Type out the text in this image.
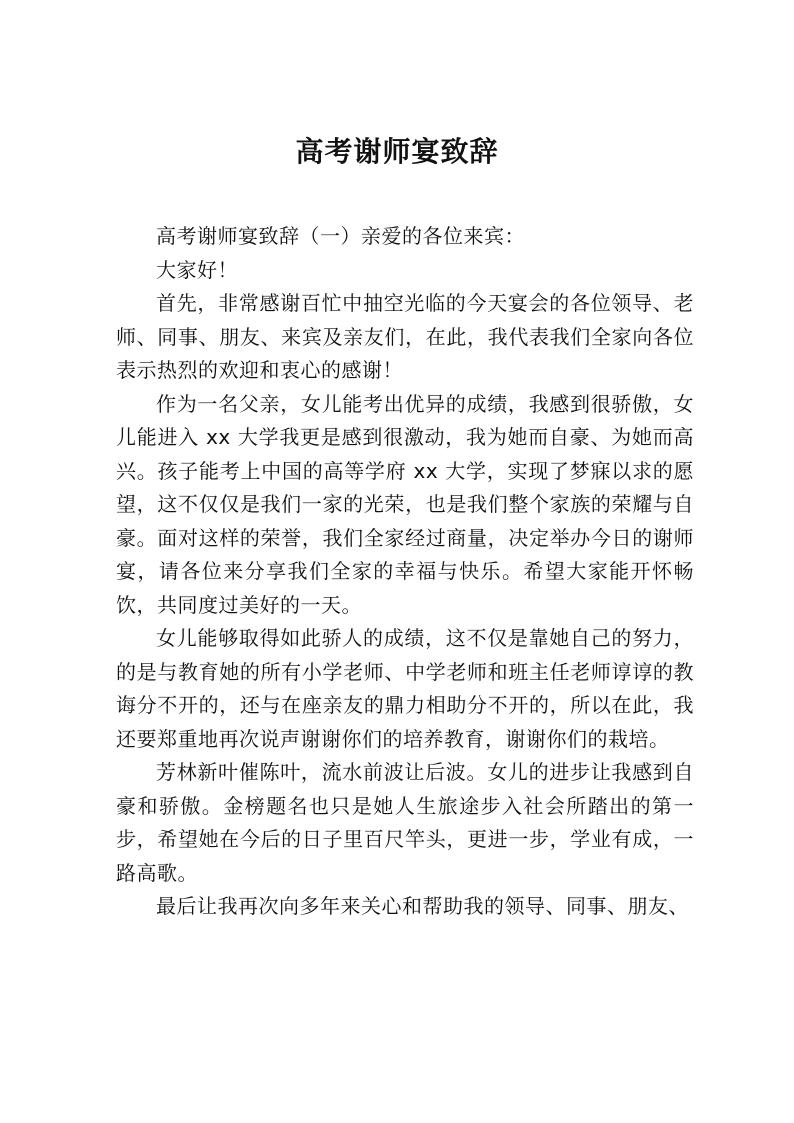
高考谢师宴致辞

高考谢师宴致辞（一）亲爱的各位来宾：

大家好！

首先，非常感谢百忙中抽空光临的今天宴会的各位领导、老师、同事、朋友、来宾及亲友们，在此，我代表我们全家向各位表示热烈的欢迎和衷心的感谢！

作为一名父亲，女儿能考出优异的成绩，我感到很骄傲，女儿能进入 xx 大学我更是感到很激动，我为她而自豪、为她而高兴。孩子能考上中国的高等学府 xx 大学，实现了梦寐以求的愿望，这不仅仅是我们一家的光荣，也是我们整个家族的荣耀与自豪。面对这样的荣誉，我们全家经过商量，决定举办今日的谢师宴，请各位来分享我们全家的幸福与快乐。希望大家能开怀畅饮，共同度过美好的一天。

女儿能够取得如此骄人的成绩，这不仅是靠她自己的努力，的是与教育她的所有小学老师、中学老师和班主任老师谆谆的教诲分不开的，还与在座亲友的鼎力相助分不开的，所以在此，我还要郑重地再次说声谢谢你们的培养教育，谢谢你们的栽培。

芳林新叶催陈叶，流水前波让后波。女儿的进步让我感到自豪和骄傲。金榜题名也只是她人生旅途步入社会所踏出的第一步，希望她在今后的日子里百尺竿头，更进一步，学业有成，一路高歌。

最后让我再次向多年来关心和帮助我的领导、同事、朋友、
